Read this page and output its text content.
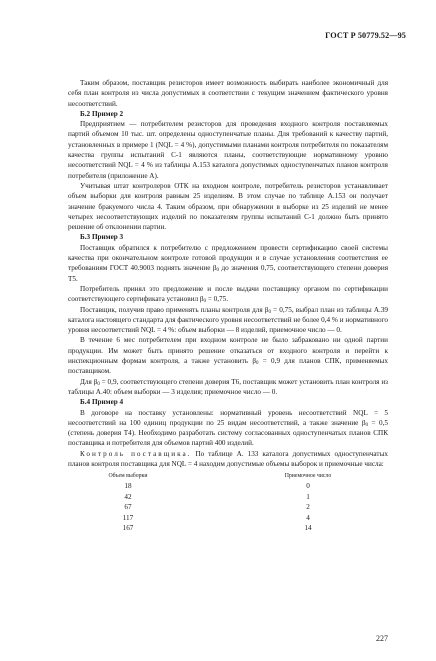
ГОСТ Р 50779.52—95

Таким образом, поставщик резисторов имеет возможность выбирать наиболее экономичный для себя план контроля из числа допустимых в соответствии с текущим значением фактического уровня несоответствий.

Б.2 Пример 2

Предприятием — потребителем резисторов для проведения входного контроля поставляемых партий объемом 10 тыс. шт. определены одноступенчатые планы. Для требований к качеству партий, установленных в примере 1 (NQL = 4 %), допустимыми планами контроля потребителя по показателям качества группы испытаний С-1 являются планы, соответствующие нормативному уровню несоответствий NQL = 4 % из таблицы А.153 каталога допустимых одноступенчатых планов контроля потребителя (приложение А).

Учитывая штат контролеров ОТК на входном контроле, потребитель резисторов устанавливает объем выборки для контроля равным 25 изделиям. В этом случае по таблице А.153 он получает значение бракуемого числа 4. Таким образом, при обнаружении в выборке из 25 изделий не менее четырех несоответствующих изделий по показателям группы испытаний С-1 должно быть принято решение об отклонении партии.

Б.3 Пример 3

Поставщик обратился к потребителю с предложением провести сертификацию своей системы качества при окончательном контроле готовой продукции и в случае установления соответствия ее требованиям ГОСТ 40.9003 поднять значение $\beta_0$ до значения 0,75, соответствующего степени доверия Т5.

Потребитель принял это предложение и после выдачи поставщику органом по сертификации соответствующего сертификата установил $\beta_0 = 0,75$.

Поставщик, получив право применять планы контроля для $\beta_0 = 0,75$, выбрал план из таблицы А.39 каталога настоящего стандарта для фактического уровня несоответствий не более 0,4 % и нормативного уровня несоответствий NQL = 4 %: объем выборки — 8 изделий, приемочное число — 0.

В течение 6 мес потребителем при входном контроле не было забраковано ни одной партии продукции. Им может быть принято решение отказаться от входного контроля и перейти к инспекционным формам контроля, а также установить $\beta_0 = 0,9$ для планов СПК, применяемых поставщиком.

Для $\beta_0 = 0,9$, соответствующего степени доверия Т6, поставщик может установить план контроля из таблицы А.40: объем выборки — 3 изделия; приемочное число — 0.

Б.4 Пример 4

В договоре на поставку установлены: нормативный уровень несоответствий NQL = 5 несоответствий на 100 единиц продукции по 25 видам несоответствий, а также значение $\beta_0 = 0,5$ (степень доверия Т4). Необходимо разработать систему согласованных одноступенчатых планов СПК поставщика и потребителя для объемов партий 400 изделий.

Контроль поставщика. По таблице А. 133 каталога допустимых одноступенчатых планов контроля поставщика для NQL = 4 находим допустимые объемы выборок и приемочные числа:

Объем выборки	Приемочное число
18	0
42	1
67	2
117	4
167	14
227
